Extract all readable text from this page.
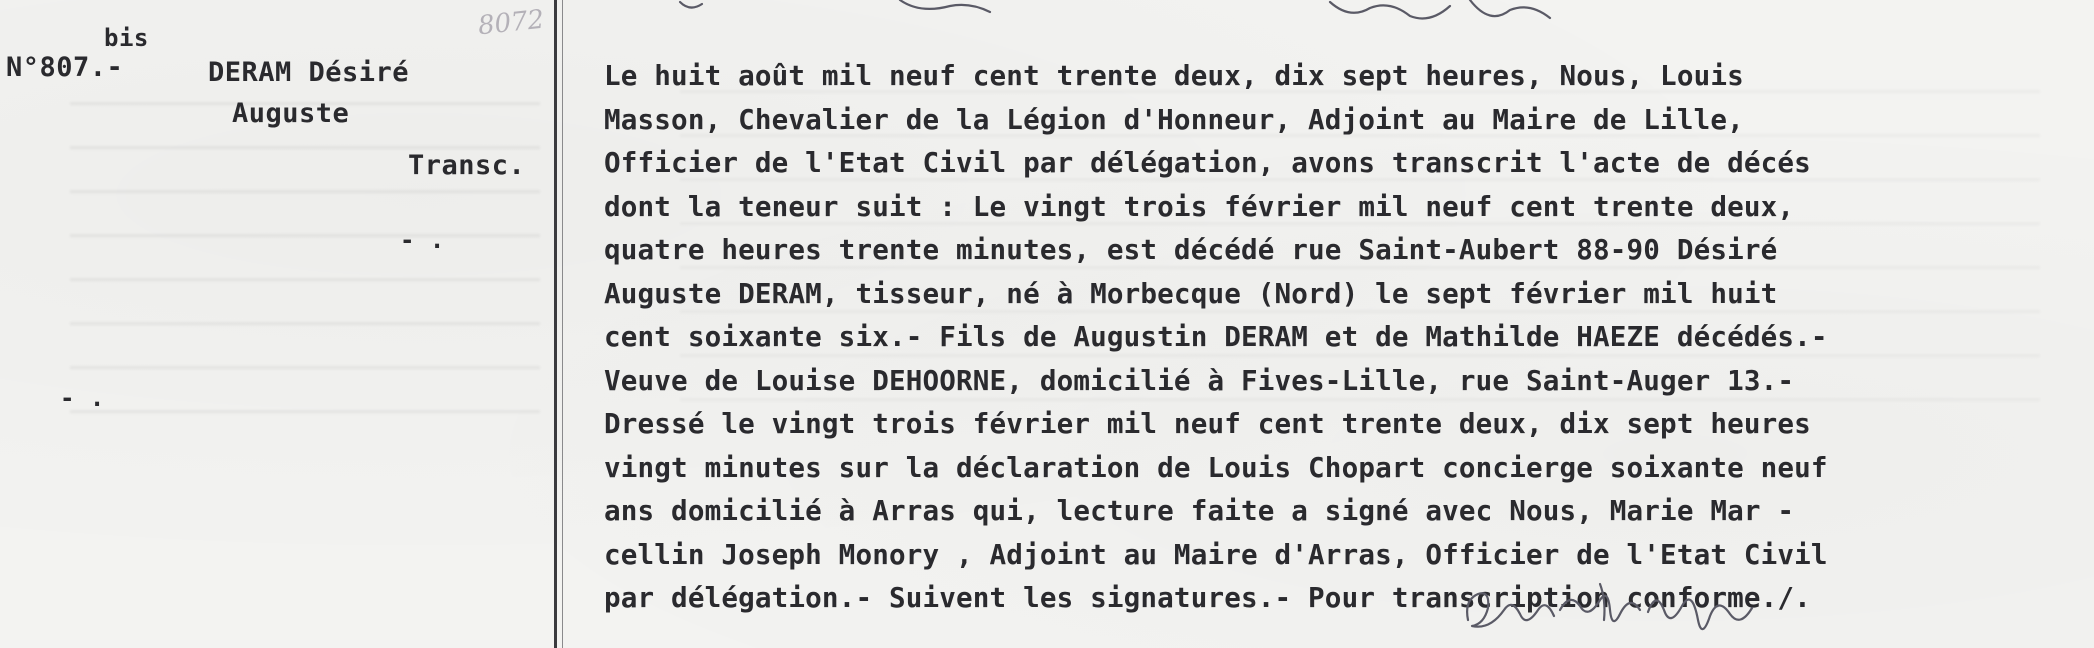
8072
bis
N°807.-	DERAM Désiré
Auguste
Transc.
- .
- .
Le huit août mil neuf cent trente deux, dix sept heures, Nous, Louis
Masson, Chevalier de la Légion d'Honneur, Adjoint au Maire de Lille,
Officier de l'Etat Civil par délégation, avons transcrit l'acte de décés
dont la teneur suit : Le vingt trois février mil neuf cent trente deux,
quatre heures trente minutes, est décédé rue Saint-Aubert 88-90 Désiré
Auguste DERAM, tisseur, né à Morbecque (Nord) le sept février mil huit
cent soixante six.- Fils de Augustin DERAM et de Mathilde HAEZE décédés.-
Veuve de Louise DEHOORNE, domicilié à Fives-Lille, rue Saint-Auger 13.-
Dressé le vingt trois février mil neuf cent trente deux, dix sept heures
vingt minutes sur la déclaration de Louis Chopart concierge soixante neuf
ans domicilié à Arras qui, lecture faite a signé avec Nous, Marie Mar -
cellin Joseph Monory , Adjoint au Maire d'Arras, Officier de l'Etat Civil
par délégation.- Suivent les signatures.- Pour transcription conforme./.
